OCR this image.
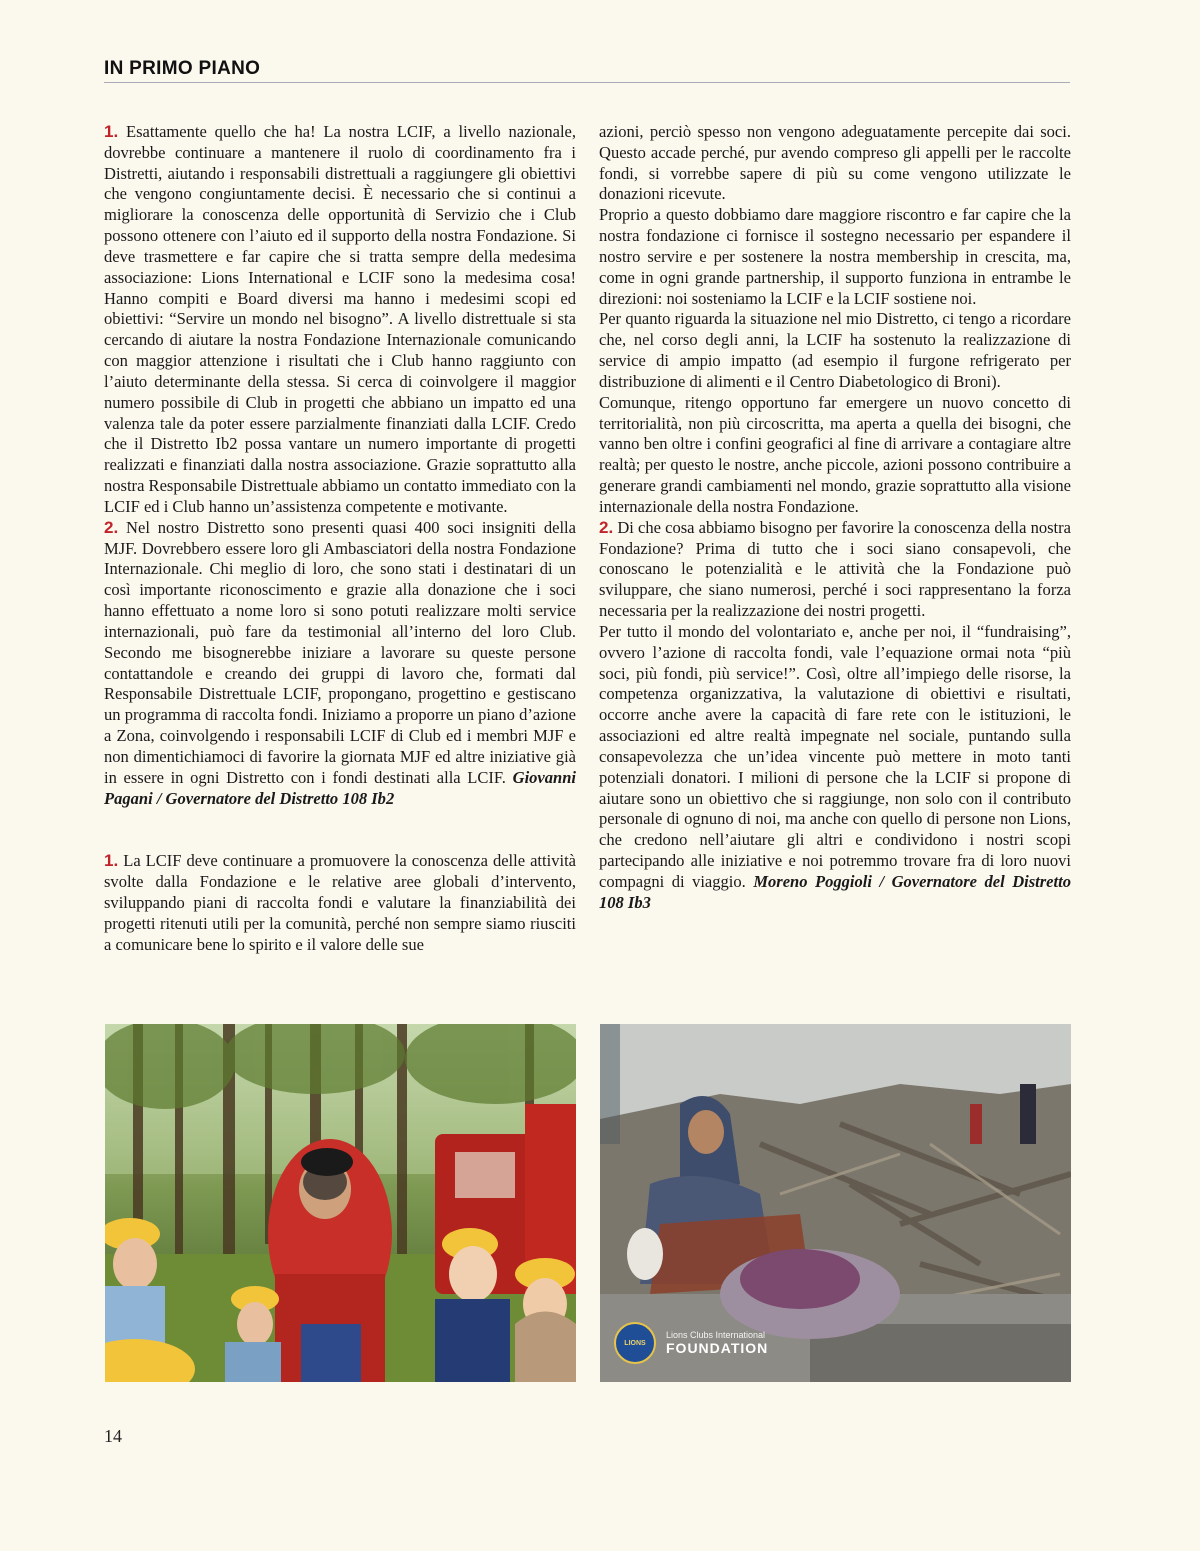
IN PRIMO PIANO

1. Esattamente quello che ha! La nostra LCIF, a livello nazionale, dovrebbe continuare a mantenere il ruolo di coordinamento fra i Distretti, aiutando i responsabili distrettuali a raggiungere gli obiettivi che vengono congiuntamente decisi. È necessario che si continui a migliorare la conoscenza delle opportunità di Servizio che i Club possono ottenere con l’aiuto ed il supporto della nostra Fondazione. Si deve trasmettere e far capire che si tratta sempre della medesima associazione: Lions International e LCIF sono la medesima cosa! Hanno compiti e Board diversi ma hanno i medesimi scopi ed obiettivi: “Servire un mondo nel bisogno”. A livello distrettuale si sta cercando di aiutare la nostra Fondazione Internazionale comunicando con maggior attenzione i risultati che i Club hanno raggiunto con l’aiuto determinante della stessa. Si cerca di coinvolgere il maggior numero possibile di Club in progetti che abbiano un impatto ed una valenza tale da poter essere parzialmente finanziati dalla LCIF. Credo che il Distretto Ib2 possa vantare un numero importante di progetti realizzati e finanziati dalla nostra associazione. Grazie soprattutto alla nostra Responsabile Distrettuale abbiamo un contatto immediato con la LCIF ed i Club hanno un’assistenza competente e motivante.

2. Nel nostro Distretto sono presenti quasi 400 soci insigniti della MJF. Dovrebbero essere loro gli Ambasciatori della nostra Fondazione Internazionale. Chi meglio di loro, che sono stati i destinatari di un così importante riconoscimento e grazie alla donazione che i soci hanno effettuato a nome loro si sono potuti realizzare molti service internazionali, può fare da testimonial all’interno del loro Club. Secondo me bisognerebbe iniziare a lavorare su queste persone contattandole e creando dei gruppi di lavoro che, formati dal Responsabile Distrettuale LCIF, propongano, progettino e gestiscano un programma di raccolta fondi. Iniziamo a proporre un piano d’azione a Zona, coinvolgendo i responsabili LCIF di Club ed i membri MJF e non dimentichiamoci di favorire la giornata MJF ed altre iniziative già in essere in ogni Distretto con i fondi destinati alla LCIF. Giovanni Pagani / Governatore del Distretto 108 Ib2

1. La LCIF deve continuare a promuovere la conoscenza delle attività svolte dalla Fondazione e le relative aree globali d’intervento, sviluppando piani di raccolta fondi e valutare la finanziabilità dei progetti ritenuti utili per la comunità, perché non sempre siamo riusciti a comunicare bene lo spirito e il valore delle sue

azioni, perciò spesso non vengono adeguatamente percepite dai soci. Questo accade perché, pur avendo compreso gli appelli per le raccolte fondi, si vorrebbe sapere di più su come vengono utilizzate le donazioni ricevute.

Proprio a questo dobbiamo dare maggiore riscontro e far capire che la nostra fondazione ci fornisce il sostegno necessario per espandere il nostro servire e per sostenere la nostra membership in crescita, ma, come in ogni grande partnership, il supporto funziona in entrambe le direzioni: noi sosteniamo la LCIF e la LCIF sostiene noi.

Per quanto riguarda la situazione nel mio Distretto, ci tengo a ricordare che, nel corso degli anni, la LCIF ha sostenuto la realizzazione di service di ampio impatto (ad esempio il furgone refrigerato per distribuzione di alimenti e il Centro Diabetologico di Broni).

Comunque, ritengo opportuno far emergere un nuovo concetto di territorialità, non più circoscritta, ma aperta a quella dei bisogni, che vanno ben oltre i confini geografici al fine di arrivare a contagiare altre realtà; per questo le nostre, anche piccole, azioni possono contribuire a generare grandi cambiamenti nel mondo, grazie soprattutto alla visione internazionale della nostra Fondazione.

2. Di che cosa abbiamo bisogno per favorire la conoscenza della nostra Fondazione? Prima di tutto che i soci siano consapevoli, che conoscano le potenzialità e le attività che la Fondazione può sviluppare, che siano numerosi, perché i soci rappresentano la forza necessaria per la realizzazione dei nostri progetti.

Per tutto il mondo del volontariato e, anche per noi, il “fundraising”, ovvero l’azione di raccolta fondi, vale l’equazione ormai nota “più soci, più fondi, più service!”. Così, oltre all’impiego delle risorse, la competenza organizzativa, la valutazione di obiettivi e risultati, occorre anche avere la capacità di fare rete con le istituzioni, le associazioni ed altre realtà impegnate nel sociale, puntando sulla consapevolezza che un’idea vincente può mettere in moto tanti potenziali donatori. I milioni di persone che la LCIF si propone di aiutare sono un obiettivo che si raggiunge, non solo con il contributo personale di ognuno di noi, ma anche con quello di persone non Lions, che credono nell’aiutare gli altri e condividono i nostri scopi partecipando alle iniziative e noi potremmo trovare fra di loro nuovi compagni di viaggio. Moreno Poggioli / Governatore del Distretto 108 Ib3

LIONS
Lions Clubs International
FOUNDATION
14
